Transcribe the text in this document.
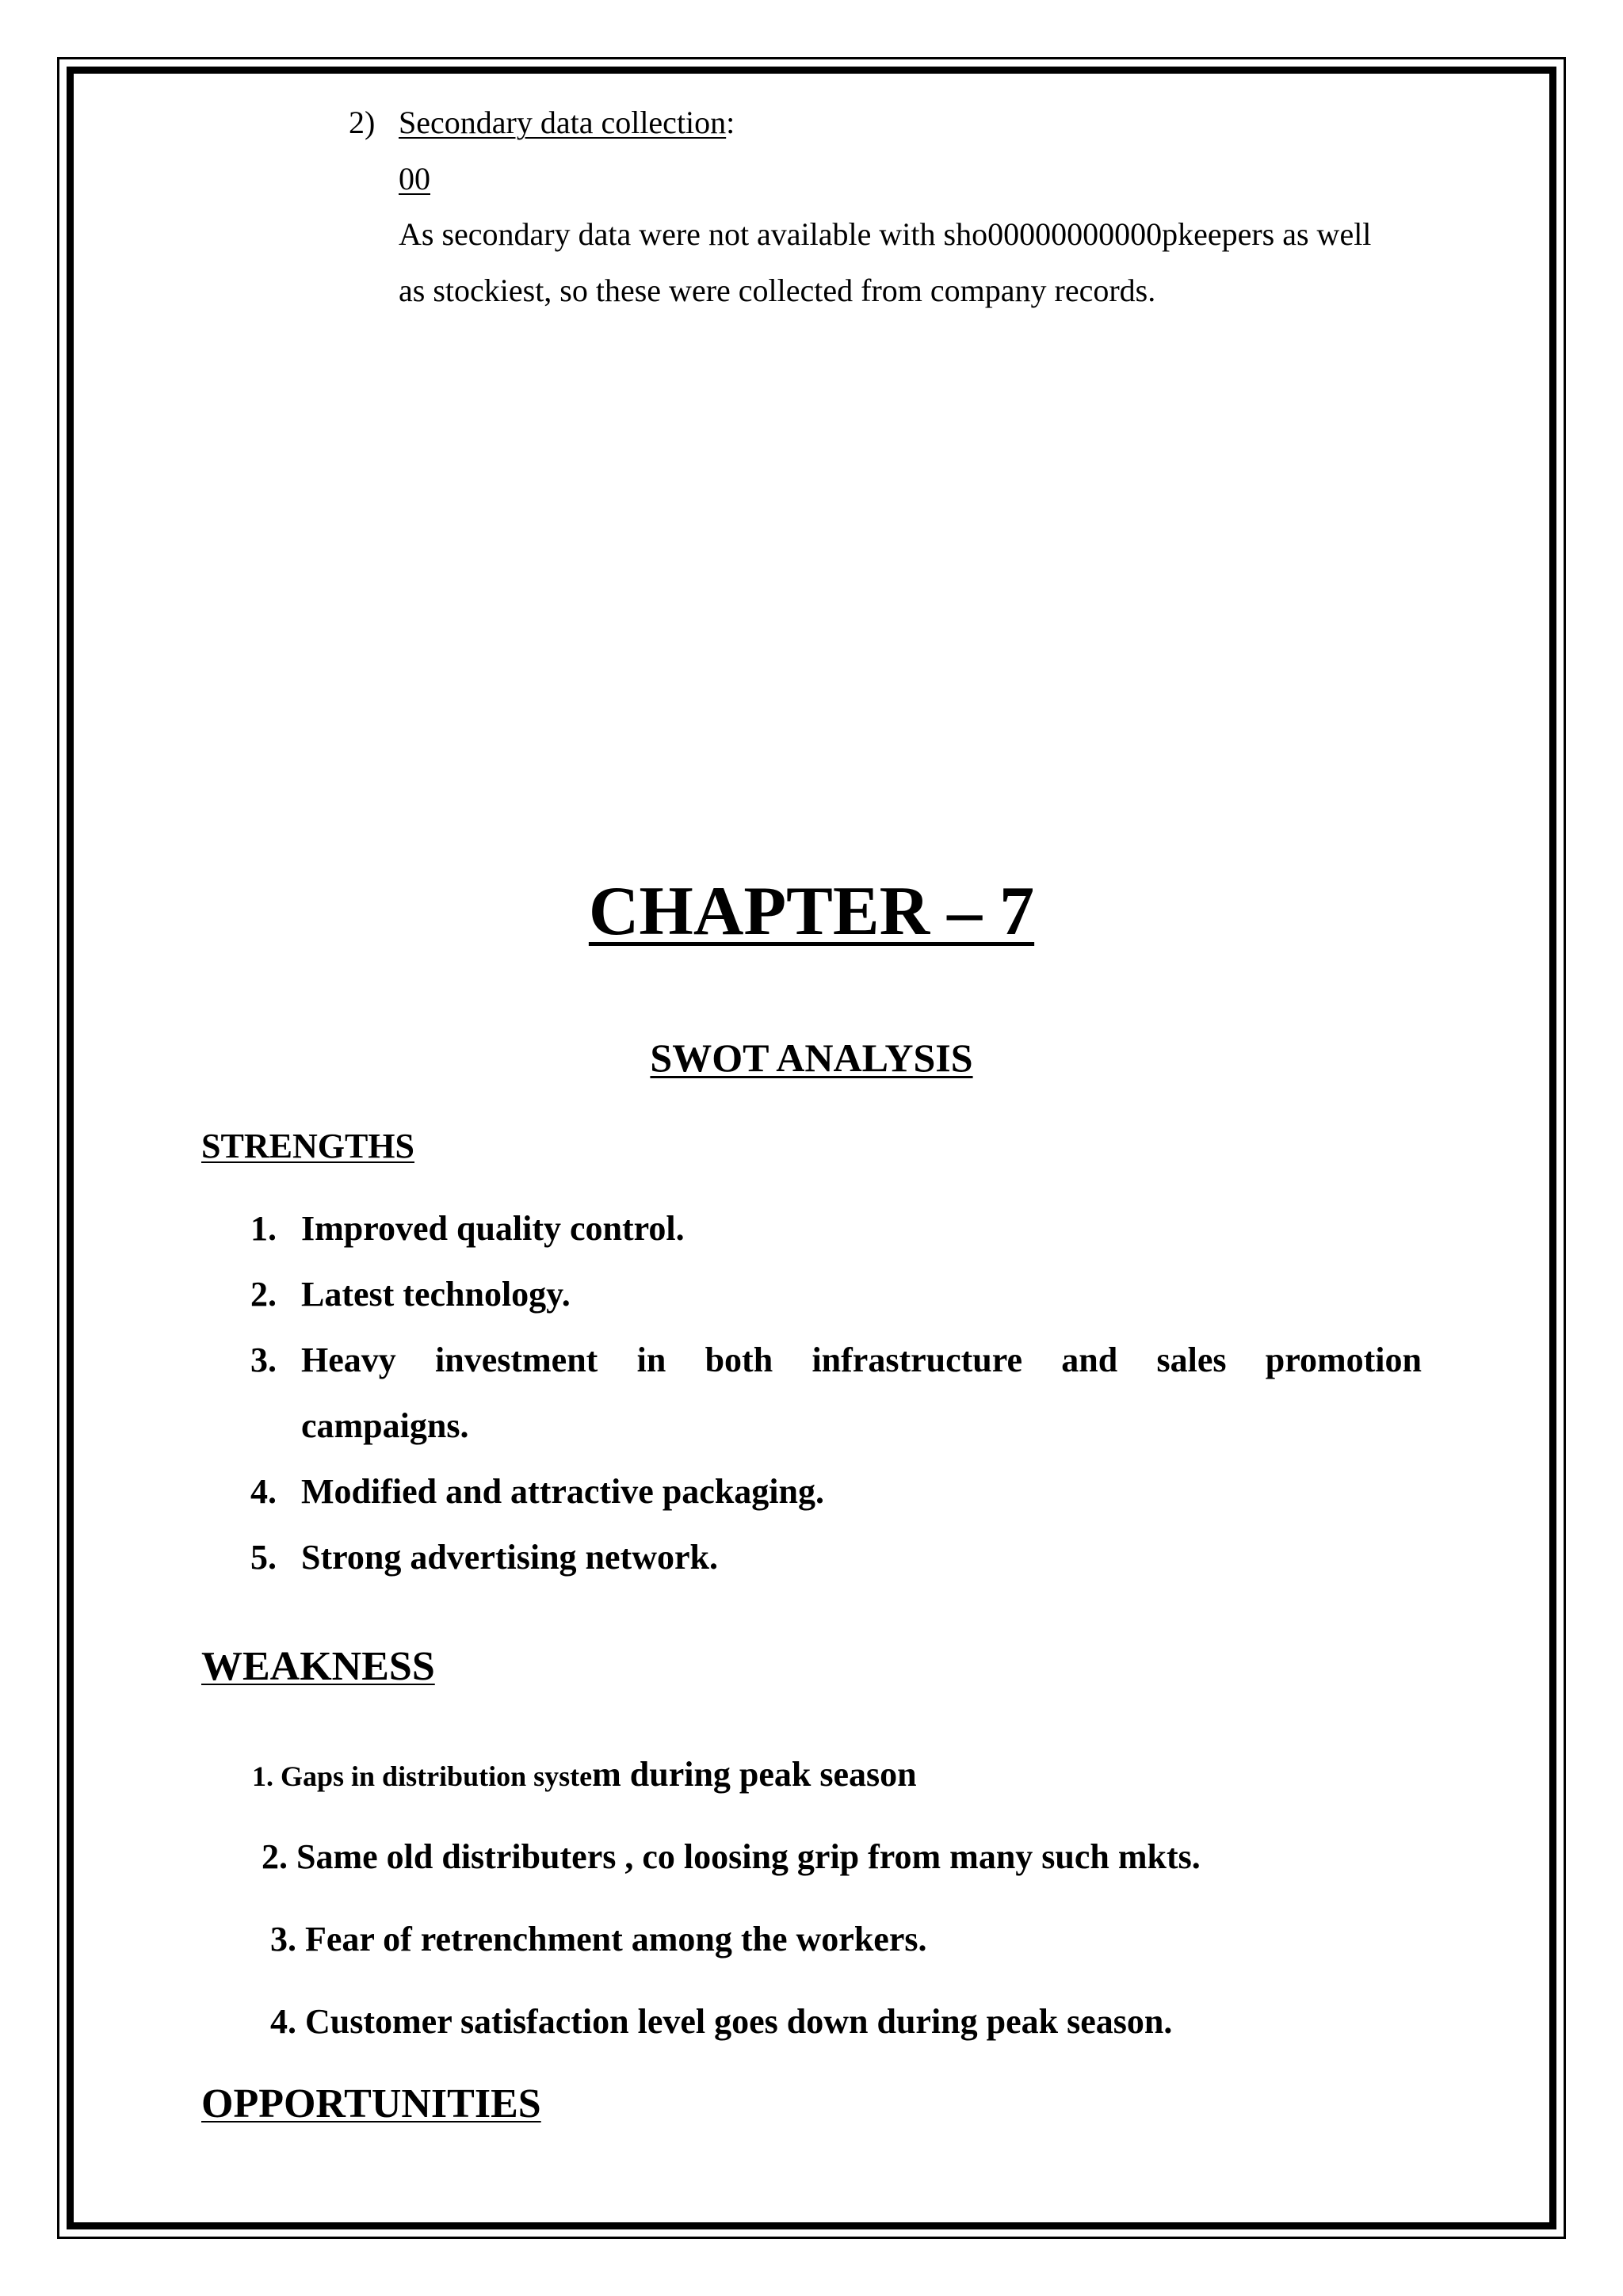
2) Secondary data collection:
00
As secondary data were not available with sho00000000000pkeepers as well
as stockiest, so these were collected from company records.
CHAPTER – 7
SWOT ANALYSIS
STRENGTHS
1. Improved quality control.
2. Latest technology.
3. Heavy investment in both infrastructure and sales promotion
campaigns.
4. Modified and attractive packaging.
5. Strong advertising network.
WEAKNESS
1. Gaps in distribution system during peak season
2. Same old distributers , co loosing grip from many such mkts.
3. Fear of retrenchment among the workers.
4. Customer satisfaction level goes down during peak season.
OPPORTUNITIES
